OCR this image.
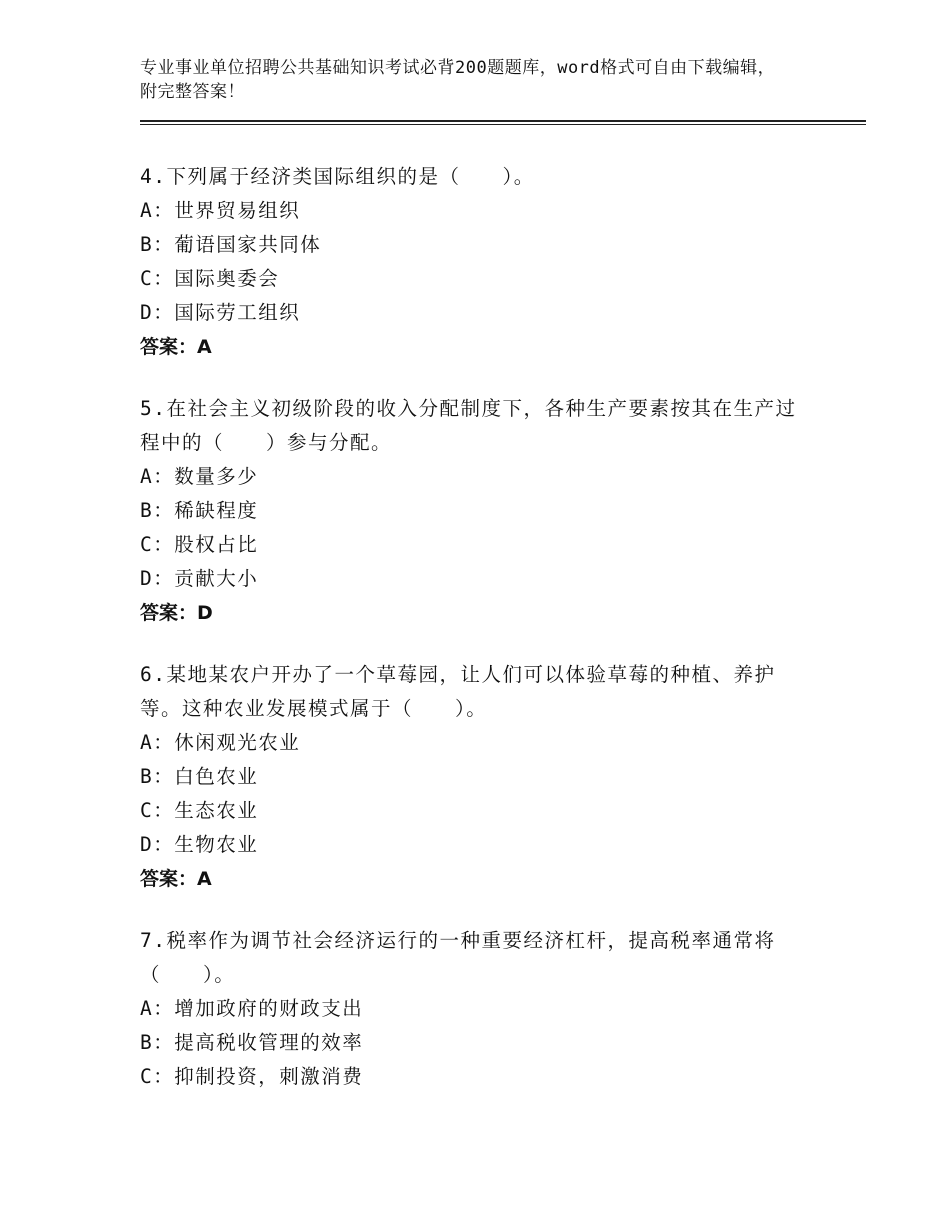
专业事业单位招聘公共基础知识考试必背200题题库，word格式可自由下载编辑，附完整答案！
4.下列属于经济类国际组织的是（　　）。
A：世界贸易组织
B：葡语国家共同体
C：国际奥委会
D：国际劳工组织
答案：A
5.在社会主义初级阶段的收入分配制度下，各种生产要素按其在生产过程中的（　　）参与分配。
A：数量多少
B：稀缺程度
C：股权占比
D：贡献大小
答案：D
6.某地某农户开办了一个草莓园，让人们可以体验草莓的种植、养护等。这种农业发展模式属于（　　）。
A：休闲观光农业
B：白色农业
C：生态农业
D：生物农业
答案：A
7.税率作为调节社会经济运行的一种重要经济杠杆，提高税率通常将（　　）。
A：增加政府的财政支出
B：提高税收管理的效率
C：抑制投资，刺激消费
